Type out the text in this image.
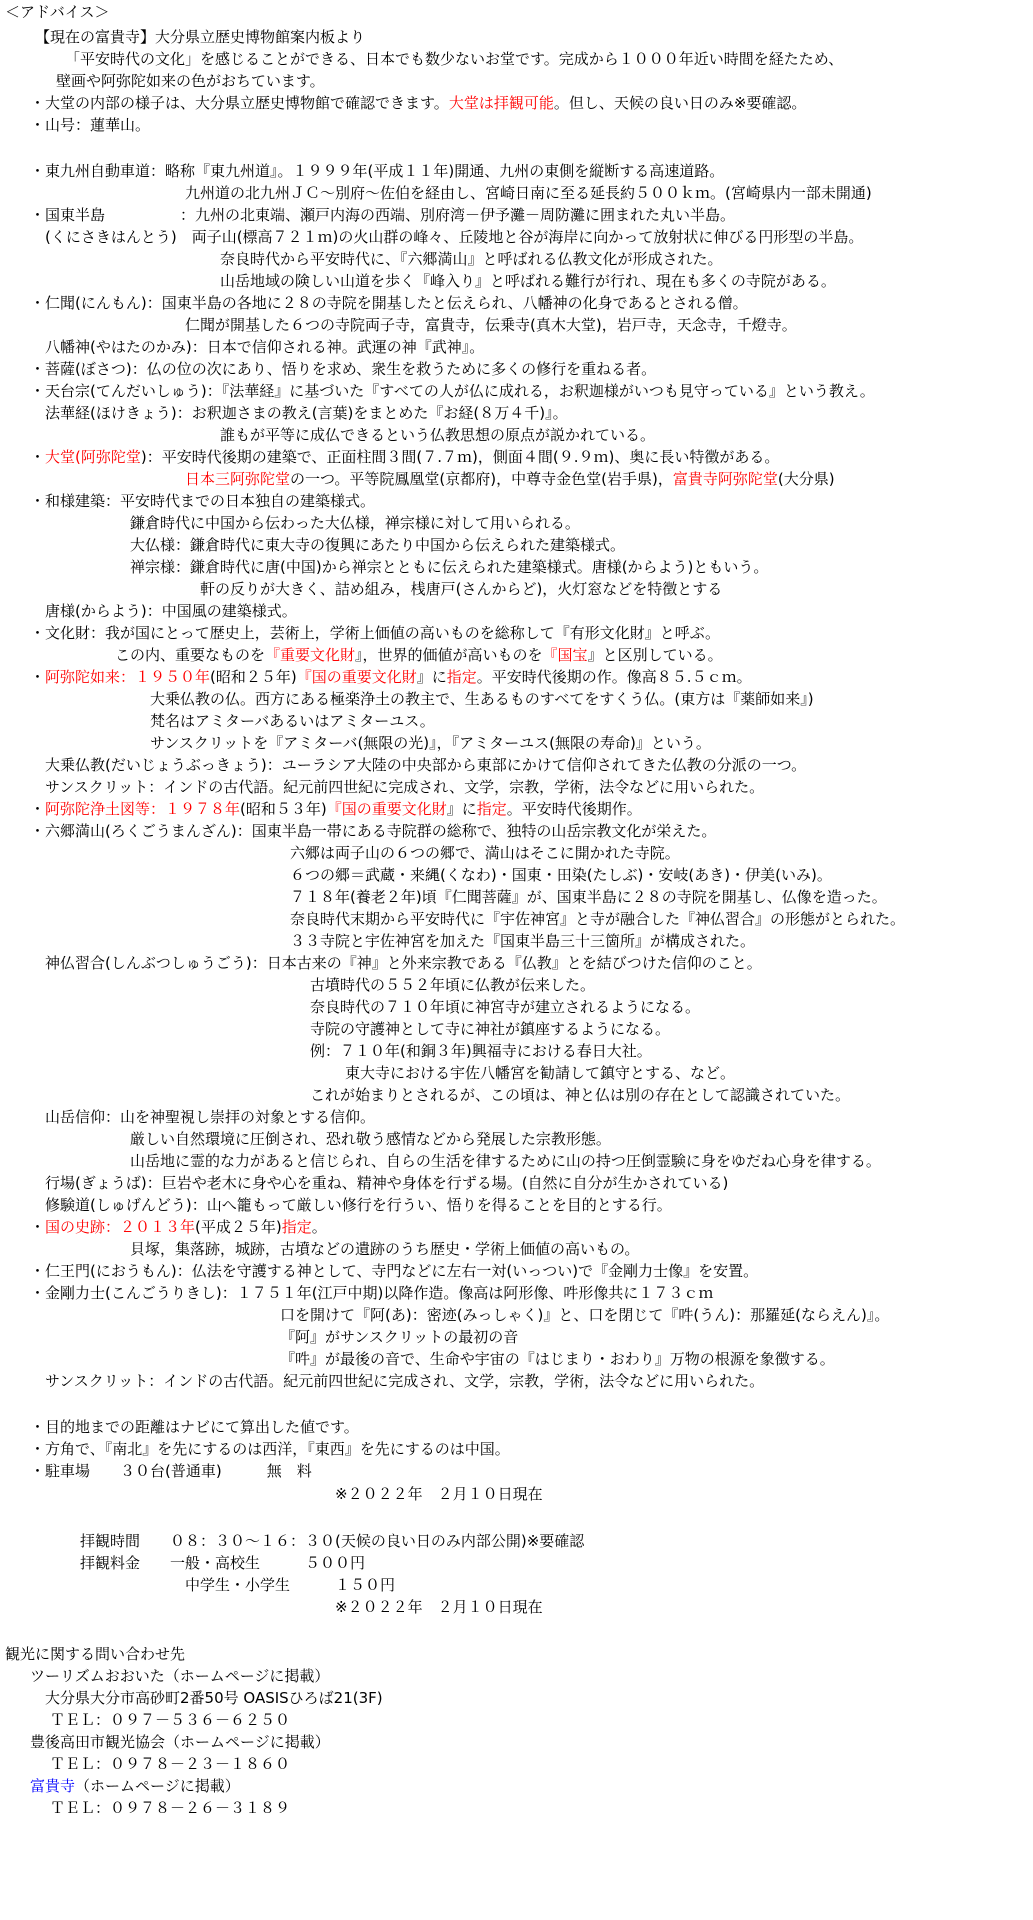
＜アドバイス＞
【現在の富貴寺】大分県立歴史博物館案内板より
「平安時代の文化」を感じることができる、日本でも数少ないお堂です。完成から１０００年近い時間を経たため、
壁画や阿弥陀如来の色がおちています。
・大堂の内部の様子は、大分県立歴史博物館で確認できます。大堂は拝観可能。但し、天候の良い日のみ※要確認。
・山号：蓮華山。
・東九州自動車道：略称『東九州道』。１９９９年(平成１１年)開通、九州の東側を縦断する高速道路。
九州道の北九州ＪＣ～別府～佐伯を経由し、宮崎日南に至る延長約５００ｋｍ。(宮崎県内一部未開通)
・国東半島　　　　　：九州の北東端、瀬戸内海の西端、別府湾－伊予灘－周防灘に囲まれた丸い半島。
(くにさきはんとう)　両子山(標高７２１ｍ)の火山群の峰々、丘陵地と谷が海岸に向かって放射状に伸びる円形型の半島。
奈良時代から平安時代に、『六郷満山』と呼ばれる仏教文化が形成された。
山岳地域の険しい山道を歩く『峰入り』と呼ばれる難行が行れ、現在も多くの寺院がある。
・仁聞(にんもん)：国東半島の各地に２８の寺院を開基したと伝えられ、八幡神の化身であるとされる僧。
仁聞が開基した６つの寺院両子寺，富貴寺，伝乗寺(真木大堂)，岩戸寺，天念寺，千燈寺。
八幡神(やはたのかみ)：日本で信仰される神。武運の神『武神』。
・菩薩(ぼさつ)：仏の位の次にあり、悟りを求め、衆生を救うために多くの修行を重ねる者。
・天台宗(てんだいしゅう)：『法華経』に基づいた『すべての人が仏に成れる，お釈迦様がいつも見守っている』という教え。
法華経(ほけきょう)：お釈迦さまの教え(言葉)をまとめた『お経(８万４千)』。
誰もが平等に成仏できるという仏教思想の原点が説かれている。
・大堂(阿弥陀堂)：平安時代後期の建築で、正面柱間３間(７.７ｍ)，側面４間(９.９ｍ)、奥に長い特徴がある。
日本三阿弥陀堂の一つ。平等院鳳凰堂(京都府)，中尊寺金色堂(岩手県)，富貴寺阿弥陀堂(大分県)
・和様建築：平安時代までの日本独自の建築様式。
鎌倉時代に中国から伝わった大仏様，禅宗様に対して用いられる。
大仏様：鎌倉時代に東大寺の復興にあたり中国から伝えられた建築様式。
禅宗様：鎌倉時代に唐(中国)から禅宗とともに伝えられた建築様式。唐様(からよう)ともいう。
軒の反りが大きく、詰め組み，桟唐戸(さんからど)，火灯窓などを特徴とする
唐様(からよう)：中国風の建築様式。
・文化財：我が国にとって歴史上，芸術上，学術上価値の高いものを総称して『有形文化財』と呼ぶ。
この内、重要なものを『重要文化財』，世界的価値が高いものを『国宝』と区別している。
・阿弥陀如来：１９５０年(昭和２５年)『国の重要文化財』に指定。平安時代後期の作。像高８５.５ｃｍ。
大乗仏教の仏。西方にある極楽浄土の教主で、生あるものすべてをすくう仏。(東方は『薬師如来』)
梵名はアミターバあるいはアミターユス。
サンスクリットを『アミターバ(無限の光)』，『アミターユス(無限の寿命)』という。
大乗仏教(だいじょうぶっきょう)：ユーラシア大陸の中央部から東部にかけて信仰されてきた仏教の分派の一つ。
サンスクリット：インドの古代語。紀元前四世紀に完成され、文学，宗教，学術，法令などに用いられた。
・阿弥陀浄土図等：１９７８年(昭和５３年)『国の重要文化財』に指定。平安時代後期作。
・六郷満山(ろくごうまんざん)：国東半島一帯にある寺院群の総称で、独特の山岳宗教文化が栄えた。
六郷は両子山の６つの郷で、満山はそこに開かれた寺院。
６つの郷＝武蔵・来縄(くなわ)・国東・田染(たしぶ)・安岐(あき)・伊美(いみ)。
７１８年(養老２年)頃『仁聞菩薩』が、国東半島に２８の寺院を開基し、仏像を造った。
奈良時代末期から平安時代に『宇佐神宮』と寺が融合した『神仏習合』の形態がとられた。
３３寺院と宇佐神宮を加えた『国東半島三十三箇所』が構成された。
神仏習合(しんぶつしゅうごう)：日本古来の『神』と外来宗教である『仏教』とを結びつけた信仰のこと。
古墳時代の５５２年頃に仏教が伝来した。
奈良時代の７１０年頃に神宮寺が建立されるようになる。
寺院の守護神として寺に神社が鎮座するようになる。
例：７１０年(和銅３年)興福寺における春日大社。
東大寺における宇佐八幡宮を勧請して鎮守とする、など。
これが始まりとされるが、この頃は、神と仏は別の存在として認識されていた。
山岳信仰：山を神聖視し崇拝の対象とする信仰。
厳しい自然環境に圧倒され、恐れ敬う感情などから発展した宗教形態。
山岳地に霊的な力があると信じられ、自らの生活を律するために山の持つ圧倒霊験に身をゆだね心身を律する。
行場(ぎょうば)：巨岩や老木に身や心を重ね、精神や身体を行ずる場。(自然に自分が生かされている)
修験道(しゅげんどう)：山へ籠もって厳しい修行を行うい、悟りを得ることを目的とする行。
・国の史跡：２０１３年(平成２５年)指定。
貝塚，集落跡，城跡，古墳などの遺跡のうち歴史・学術上価値の高いもの。
・仁王門(におうもん)：仏法を守護する神として、寺門などに左右一対(いっつい)で『金剛力士像』を安置。
・金剛力士(こんごうりきし)：１７５１年(江戸中期)以降作造。像高は阿形像、吽形像共に１７３ｃｍ
口を開けて『阿(あ)：密迹(みっしゃく)』と、口を閉じて『吽(うん)：那羅延(ならえん)』。
『阿』がサンスクリットの最初の音
『吽』が最後の音で、生命や宇宙の『はじまり・おわり』万物の根源を象徴する。
サンスクリット：インドの古代語。紀元前四世紀に完成され、文学，宗教，学術，法令などに用いられた。
・目的地までの距離はナビにて算出した値です。
・方角で、『南北』を先にするのは西洋，『東西』を先にするのは中国。
・駐車場　　３０台(普通車)　　　無　料
※２０２２年　２月１０日現在
拝観時間　　０８：３０～１６：３０(天候の良い日のみ内部公開)※要確認
拝観料金　　一般・高校生　　　５００円
中学生・小学生　　　１５０円
※２０２２年　２月１０日現在
観光に関する問い合わせ先
ツーリズムおおいた（ホームページに掲載）
大分県大分市高砂町2番50号 OASISひろば21(3F)
ＴＥＬ：０９７－５３６－６２５０
豊後高田市観光協会（ホームページに掲載）
ＴＥＬ：０９７８－２３－１８６０
富貴寺（ホームページに掲載）
ＴＥＬ：０９７８－２６－３１８９
